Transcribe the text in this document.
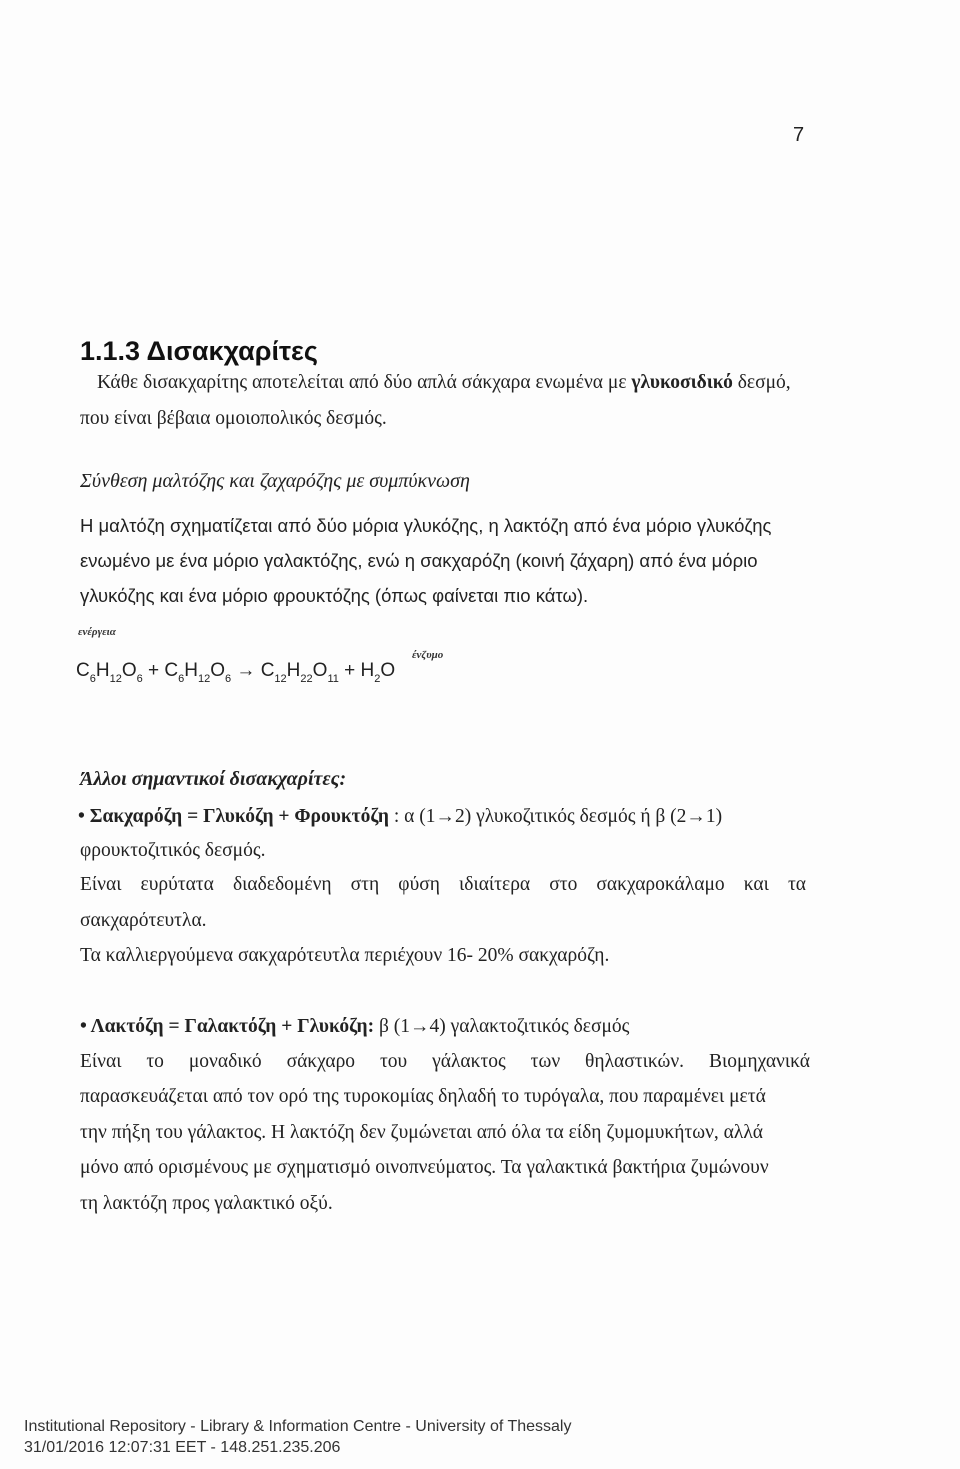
7
1.1.3 Δισακχαρίτες
Κάθε δισακχαρίτης αποτελείται από δύο απλά σάκχαρα ενωμένα με γλυκοσιδικό δεσμό,
που είναι βέβαια ομοιοπολικός δεσμός.
Σύνθεση μαλτόζης και ζαχαρόζης με συμπύκνωση
Η μαλτόζη σχηματίζεται από δύο μόρια γλυκόζης, η λακτόζη από ένα μόριο γλυκόζης
ενωμένο με ένα μόριο γαλακτόζης, ενώ η σακχαρόζη (κοινή ζάχαρη) από ένα μόριο
γλυκόζης και ένα μόριο φρουκτόζης (όπως φαίνεται πιο κάτω).
ενέργεια
ένζυμο
$C_6H_{12}O_6 + C_6H_{12}O_6 \to C_{12}H_{22}O_{11} + H_2O$
Άλλοι σημαντικοί δισακχαρίτες:
• Σακχαρόζη = Γλυκόζη + Φρουκτόζη : α (1→2) γλυκοζιτικός δεσμός ή β (2→1)
φρουκτοζιτικός δεσμός.
Είναι ευρύτατα διαδεδομένη στη φύση ιδιαίτερα στο σακχαροκάλαμο και τα
σακχαρότευτλα.
Τα καλλιεργούμενα σακχαρότευτλα περιέχουν 16- 20% σακχαρόζη.
• Λακτόζη = Γαλακτόζη + Γλυκόζη: β (1→4) γαλακτοζιτικός δεσμός
Είναι το μοναδικό σάκχαρο του γάλακτος των θηλαστικών. Βιομηχανικά
παρασκευάζεται από τον ορό της τυροκομίας δηλαδή το τυρόγαλα, που παραμένει μετά
την πήξη του γάλακτος. Η λακτόζη δεν ζυμώνεται από όλα τα είδη ζυμομυκήτων, αλλά
μόνο από ορισμένους με σχηματισμό οινοπνεύματος. Τα γαλακτικά βακτήρια ζυμώνουν
τη λακτόζη προς γαλακτικό οξύ.
Institutional Repository - Library & Information Centre - University of Thessaly
31/01/2016 12:07:31 EET - 148.251.235.206
